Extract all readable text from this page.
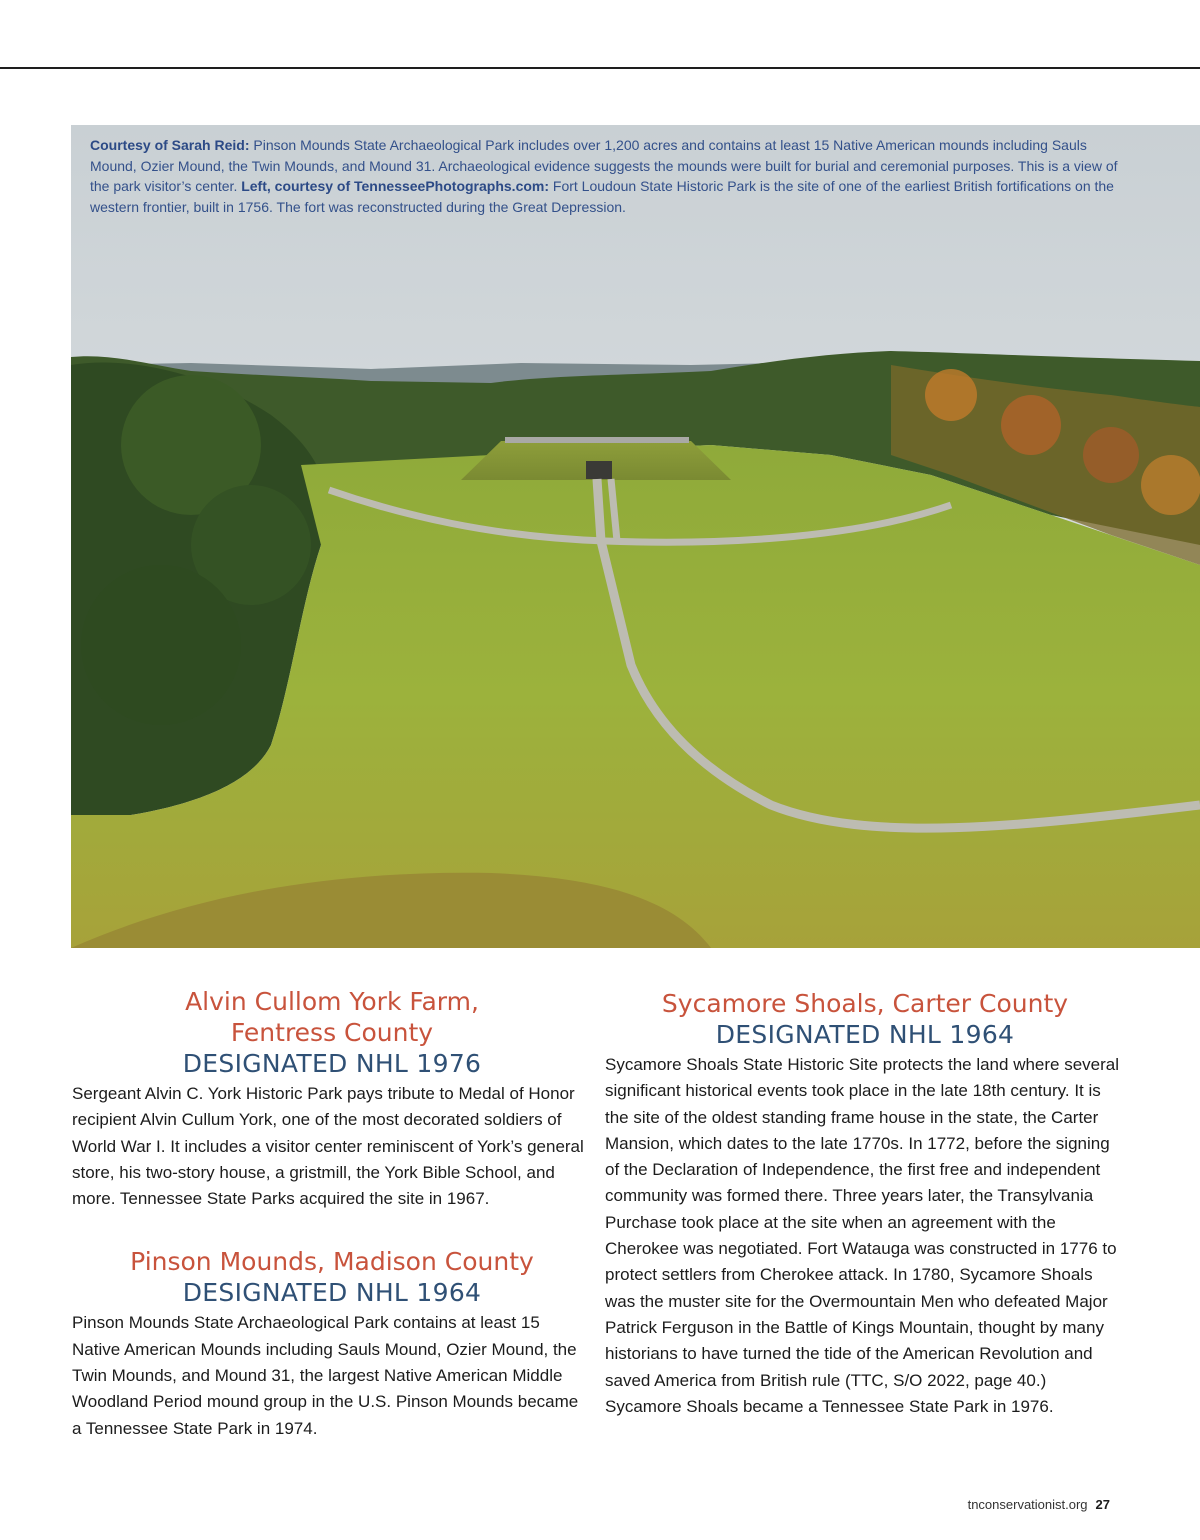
Courtesy of Sarah Reid: Pinson Mounds State Archaeological Park includes over 1,200 acres and contains at least 15 Native American mounds including Sauls Mound, Ozier Mound, the Twin Mounds, and Mound 31. Archaeological evidence suggests the mounds were built for burial and ceremonial purposes. This is a view of the park visitor’s center. Left, courtesy of TennesseePhotographs.com: Fort Loudoun State Historic Park is the site of one of the earliest British fortifications on the western frontier, built in 1756. The fort was reconstructed during the Great Depression.
Alvin Cullom York Farm,
Fentress County
DESIGNATED NHL 1976

Sergeant Alvin C. York Historic Park pays tribute to Medal of Honor recipient Alvin Cullum York, one of the most decorated soldiers of World War I. It includes a visitor center reminiscent of York’s general store, his two-story house, a gristmill, the York Bible School, and more. Tennessee State Parks acquired the site in 1967.

Pinson Mounds, Madison County
DESIGNATED NHL 1964

Pinson Mounds State Archaeological Park contains at least 15 Native American Mounds including Sauls Mound, Ozier Mound, the Twin Mounds, and Mound 31, the largest Native American Middle Woodland Period mound group in the U.S. Pinson Mounds became a Tennessee State Park in 1974.

Sycamore Shoals, Carter County
DESIGNATED NHL 1964

Sycamore Shoals State Historic Site protects the land where several significant historical events took place in the late 18th century. It is the site of the oldest standing frame house in the state, the Carter Mansion, which dates to the late 1770s. In 1772, before the signing of the Declaration of Independence, the first free and independent community was formed there. Three years later, the Transylvania Purchase took place at the site when an agreement with the Cherokee was negotiated. Fort Watauga was constructed in 1776 to protect settlers from Cherokee attack. In 1780, Sycamore Shoals was the muster site for the Overmountain Men who defeated Major Patrick Ferguson in the Battle of Kings Mountain, thought by many historians to have turned the tide of the American Revolution and saved America from British rule (TTC, S/O 2022, page 40.) Sycamore Shoals became a Tennessee State Park in 1976.

tnconservationist.org 27
